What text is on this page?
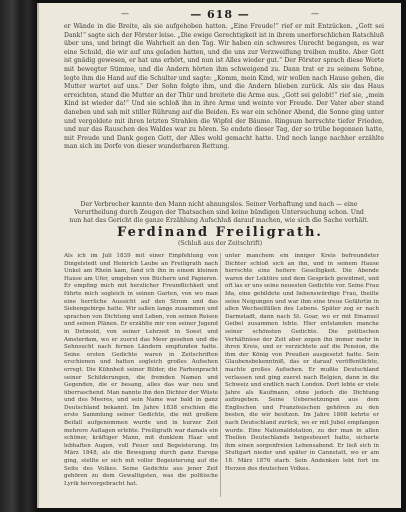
—	— 618 —	—
er Wände in die Breite, als sie aufgehoben hatten. „Eine Freude!“ rief er mit Entzücken. „Gott sei Dank!“ sagte sich der Förster leise. „Die ewige Gerechtigkeit ist in ihrem unerforschlichen Ratschluß über uns, und bringt die Wahrheit an den Tag. Wir haben ein schweres Unrecht begangen, es war eine Schuld, die wir auf uns geladen hatten, und die uns zur Verzweiflung treiben mußte. Aber Gott ist gnädig gewesen, er hat uns erhört, und nun ist Alles wieder gut.“ Der Förster sprach diese Worte mit bewegter Stimme, und die Andern hörten ihm schweigend zu. Dann trat er zu seinem Sohne, legte ihm die Hand auf die Schulter und sagte: „Komm, mein Kind, wir wollen nach Hause gehen, die Mutter wartet auf uns.“ Der Sohn folgte ihm, und die Andern blieben zurück. Als sie das Haus erreichten, stand die Mutter an der Thür und breitete die Arme aus. „Gott sei gelobt!“ rief sie, „mein Kind ist wieder da!“ Und sie schloß ihn in ihre Arme und weinte vor Freude. Der Vater aber stand daneben und sah mit stiller Rührung auf die Beiden. Es war ein schöner Abend, die Sonne ging unter und vergoldete mit ihren letzten Strahlen die Wipfel der Bäume. Ringsum herrschte tiefer Frieden, und nur das Rauschen des Waldes war zu hören. So endete dieser Tag, der so trübe begonnen hatte, mit Freude und Dank gegen Gott, der Alles wohl gemacht hatte. Und noch lange nachher erzählte man sich im Dorfe von dieser wunderbaren Rettung.
Der Verbrecher kannte den Mann nicht ahnungslos. Seiner Verhaftung und nach — eine Verurtheilung durch Zeugen der Thatsachen sind keine bündigen Untersuchung schon. Und nun hat das Gericht die ganze Erzählung Aufschluß darauf machen, wie sich die Sache verhält.
Ferdinand Freiligrath.
(Schluß aus der Zeitschrift)
Als ich im Juli 1839 mit einer Empfehlung von Dingelstedt und Heinrich Laube an Freiligrath nach Unkel am Rhein kam, fand ich ihn in einem kleinen Hause am Ufer, umgeben von Büchern und Papieren. Er empfing mich mit herzlicher Freundlichkeit und führte mich sogleich in seinen Garten, von wo man eine herrliche Aussicht auf den Strom und das Siebengebirge hatte. Wir saßen lange zusammen und sprachen von Dichtung und Leben, von seinen Reisen und seinen Plänen. Er erzählte mir von seiner Jugend in Detmold, von seiner Lehrzeit in Soest und Amsterdam, wo er zuerst das Meer gesehen und die Sehnsucht nach fernen Ländern empfunden hatte. Seine ersten Gedichte waren in Zeitschriften erschienen und hatten sogleich großes Aufsehen erregt. Die Kühnheit seiner Bilder, die Farbenpracht seiner Schilderungen, die fremden Namen und Gegenden, die er besang, alles das war neu und überraschend. Man nannte ihn den Dichter der Wüste und des Meeres, und sein Name war bald in ganz Deutschland bekannt. Im Jahre 1838 erschien die erste Sammlung seiner Gedichte, die mit großem Beifall aufgenommen wurde und in kurzer Zeit mehrere Auflagen erlebte. Freiligrath war damals ein schöner, kräftiger Mann, mit dunklem Haar und lebhaften Augen, voll Feuer und Begeisterung. Im März 1848, als die Bewegung durch ganz Europa ging, stellte er sich mit voller Begeisterung auf die Seite des Volkes. Seine Gedichte aus jener Zeit gehören zu dem Gewaltigsten, was die politische Lyrik hervorgebracht hat.
unter manchem ein inniger Kreis befreundeter Dichter schloß sich an ihn, und in seinem Hause herrschte eine heitere Geselligkeit. Die Abende waren der Lektüre und dem Gespräch gewidmet, und oft las er uns seine neuesten Gedichte vor. Seine Frau Ida, eine gebildete und liebenswürdige Frau, theilte seine Neigungen und war ihm eine treue Gefährtin in allen Wechselfällen des Lebens. Später zog er nach Darmstadt, dann nach St. Goar, wo er mit Emanuel Geibel zusammen lebte. Hier entstanden manche seiner schönsten Gedichte. Die politischen Verhältnisse der Zeit aber zogen ihn immer mehr in ihren Kreis, und er verzichtete auf die Pension, die ihm der König von Preußen ausgesetzt hatte. Sein Glaubensbekenntniß, das er darauf veröffentlichte, machte großes Aufsehen. Er mußte Deutschland verlassen und ging zuerst nach Belgien, dann in die Schweiz und endlich nach London. Dort lebte er viele Jahre als Kaufmann, ohne jedoch die Dichtung aufzugeben. Seine Uebersetzungen aus dem Englischen und Französischen gehören zu den besten, die wir besitzen. Im Jahre 1868 kehrte er nach Deutschland zurück, wo er mit Jubel empfangen wurde. Eine Nationaldotation, zu der man in allen Theilen Deutschlands beigesteuert hatte, sicherte ihm einen sorgenfreien Lebensabend. Er ließ sich in Stuttgart nieder und später in Cannstatt, wo er am 18. März 1876 starb. Sein Andenken lebt fort im Herzen des deutschen Volkes.
